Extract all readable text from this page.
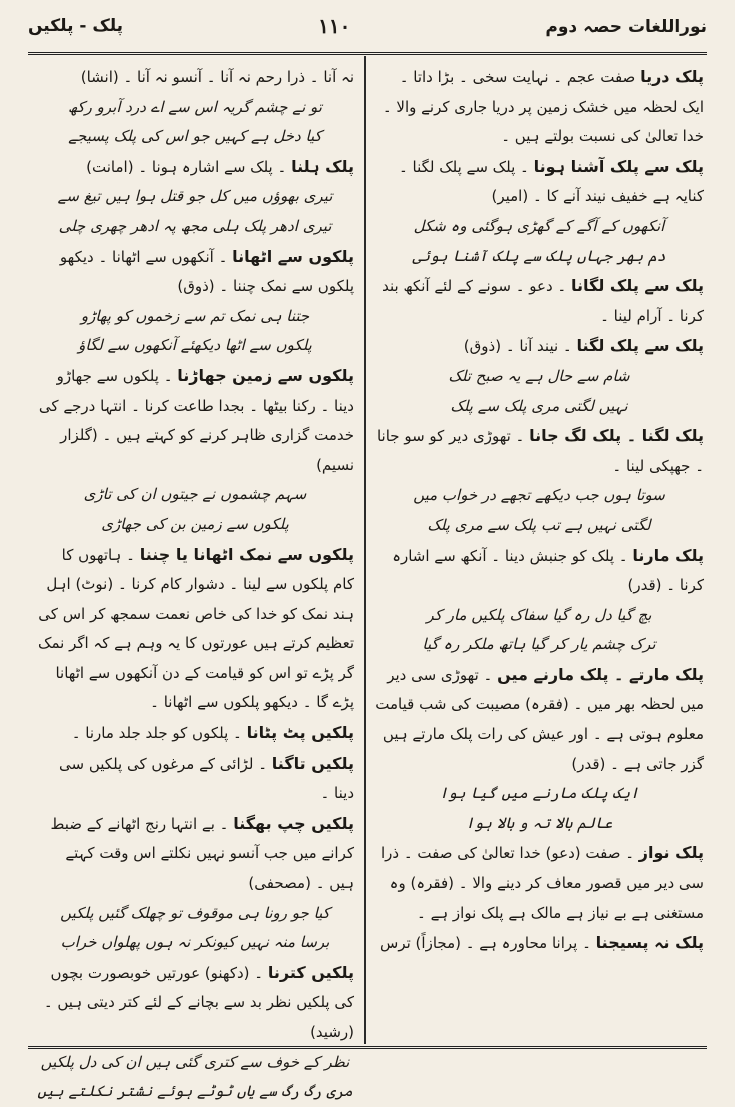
پلک - پلکیں	۱۱۰	نوراللغات حصہ دوم

پلک دریا صفت عجم ۔ نہایت سخی ۔ بڑا داتا ۔ ایک لحظہ میں خشک زمین پر دریا جاری کرنے والا ۔ خدا تعالیٰ کی نسبت بولتے ہیں ۔

پلک سے پلک آشنا ہونا ۔ پلک سے پلک لگنا ۔ کنایہ ہے خفیف نیند آنے کا ۔ (امیر)

آنکھوں کے آگے کے گھڑی ہوگئی وہ شکل

دم بھر جہاں پلک سے پلک آشنا ہوئی

پلک سے پلک لگانا ۔ دعو ۔ سونے کے لئے آنکھ بند کرنا ۔ آرام لینا ۔

پلک سے پلک لگنا ۔ نیند آنا ۔ (ذوق)

شام سے حال ہے یہ صبح تلک

نہیں لگتی مری پلک سے پلک

پلک لگنا ۔ پلک لگ جانا ۔ تھوڑی دیر کو سو جانا ۔ جھپکی لینا ۔

سوتا ہوں جب دیکھے تجھے در خواب میں

لگتی نہیں ہے تب پلک سے مری پلک

پلک مارنا ۔ پلک کو جنبش دینا ۔ آنکھ سے اشارہ کرنا ۔ (قدر)

بچ گیا دل رہ گیا سفاک پلکیں مار کر

ترک چشم یار کر گیا ہاتھ ملکر رہ گیا

پلک مارتے ۔ پلک مارنے میں ۔ تھوڑی سی دیر میں لحظہ بھر میں ۔ (فقرہ) مصیبت کی شب قیامت معلوم ہوتی ہے ۔ اور عیش کی رات پلک مارتے ہیں گزر جاتی ہے ۔ (قدر)

ایک پلک مارنے میں گیا ہوا

عالم بالا تہ و بالا ہوا

پلک نواز ۔ صفت (دعو) خدا تعالیٰ کی صفت ۔ ذرا سی دیر میں قصور معاف کر دینے والا ۔ (فقرہ) وہ مستغنی ہے بے نیاز ہے مالک ہے پلک نواز ہے ۔

پلک نہ پسیجنا ۔ پرانا محاورہ ہے ۔ (مجازاً) ترس

نہ آنا ۔ ذرا رحم نہ آنا ۔ آنسو نہ آنا ۔ (انشا)

تو نے چشم گریہ اس سے اے درد آبرو رکھ

کیا دخل ہے کہیں جو اس کی پلک پسیجے

پلک ہلنا ۔ پلک سے اشارہ ہونا ۔ (امانت)

تیری بھوؤں میں کل جو قتل ہوا ہیں تیغ سے

تیری ادھر پلک ہلی مجھ پہ ادھر چھری چلی

پلکوں سے اٹھانا ۔ آنکھوں سے اٹھانا ۔ دیکھو پلکوں سے نمک چننا ۔ (ذوق)

جتنا ہی نمک تم سے زخموں کو پھاڑو

پلکوں سے اٹھا دیکھئے آنکھوں سے لگاؤ

پلکوں سے زمین جھاڑنا ۔ پلکوں سے جھاڑو دینا ۔ رکنا بیٹھا ۔ بجدا طاعت کرنا ۔ انتہا درجے کی خدمت گزاری ظاہر کرنے کو کہتے ہیں ۔ (گلزار نسیم)

سہم چشموں نے جیتوں ان کی تاڑی

پلکوں سے زمین بن کی جھاڑی

پلکوں سے نمک اٹھانا یا چننا ۔ ہاتھوں کا کام پلکوں سے لینا ۔ دشوار کام کرنا ۔ (نوٹ) اہل ہند نمک کو خدا کی خاص نعمت سمجھ کر اس کی تعظیم کرتے ہیں عورتوں کا یہ وہم ہے کہ اگر نمک گر پڑے تو اس کو قیامت کے دن آنکھوں سے اٹھانا پڑے گا ۔ دیکھو پلکوں سے اٹھانا ۔

پلکیں پٹ پٹانا ۔ پلکوں کو جلد جلد مارنا ۔

پلکیں تاگنا ۔ لڑائی کے مرغوں کی پلکیں سی دینا ۔

پلکیں چپ بھگنا ۔ بے انتہا رنج اٹھانے کے ضبط کرانے میں جب آنسو نہیں نکلتے اس وقت کہتے ہیں ۔ (مصحفی)

کیا جو رونا ہی موقوف تو چھلک گئیں پلکیں

برسا منہ نہیں کیونکر نہ ہوں پھلواں خراب

پلکیں کترنا ۔ (دکھنو) عورتیں خوبصورت بچوں کی پلکیں نظر بد سے بچانے کے لئے کتر دیتی ہیں ۔ (رشید)

نظر کے خوف سے کتری گئی ہیں ان کی دل پلکیں

مری رگ رگ سے یاں ٹوٹے ہوئے نشتر نکلتے ہیں
